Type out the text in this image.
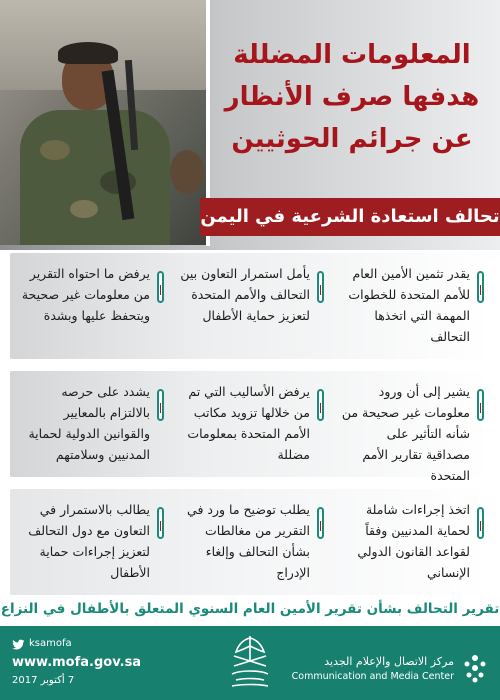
المعلومات المضللة
هدفها صرف الأنظار
عن جرائم الحوثيين
تحالف استعادة الشرعية في اليمن

يقدر تثمين الأمين العام للأمم المتحدة للخطوات المهمة التي اتخذها التحالف

يأمل استمرار التعاون بين التحالف والأمم المتحدة لتعزيز حماية الأطفال

يرفض ما احتواه التقرير من معلومات غير صحيحة ويتحفظ عليها وبشدة

يشير إلى أن ورود معلومات غير صحيحة من شأنه التأثير على مصداقية تقارير الأمم المتحدة

يرفض الأساليب التي تم من خلالها تزويد مكاتب الأمم المتحدة بمعلومات مضللة

يشدد على حرصه بالالتزام بالمعايير والقوانين الدولية لحماية المدنيين وسلامتهم

اتخذ إجراءات شاملة لحماية المدنيين وفقاً لقواعد القانون الدولي الإنساني

يطلب توضيح ما ورد في التقرير من مغالطات بشأن التحالف وإلغاء الإدراج

يطالب بالاستمرار في التعاون مع دول التحالف لتعزيز إجراءات حماية الأطفال

تقرير التحالف بشأن تقرير الأمين العام السنوي المتعلق بالأطفال في النزاع
ksamofa
www.mofa.gov.sa
7 أكتوبر 2017
مركز الاتصال والإعلام الجديد
Communication and Media Center
